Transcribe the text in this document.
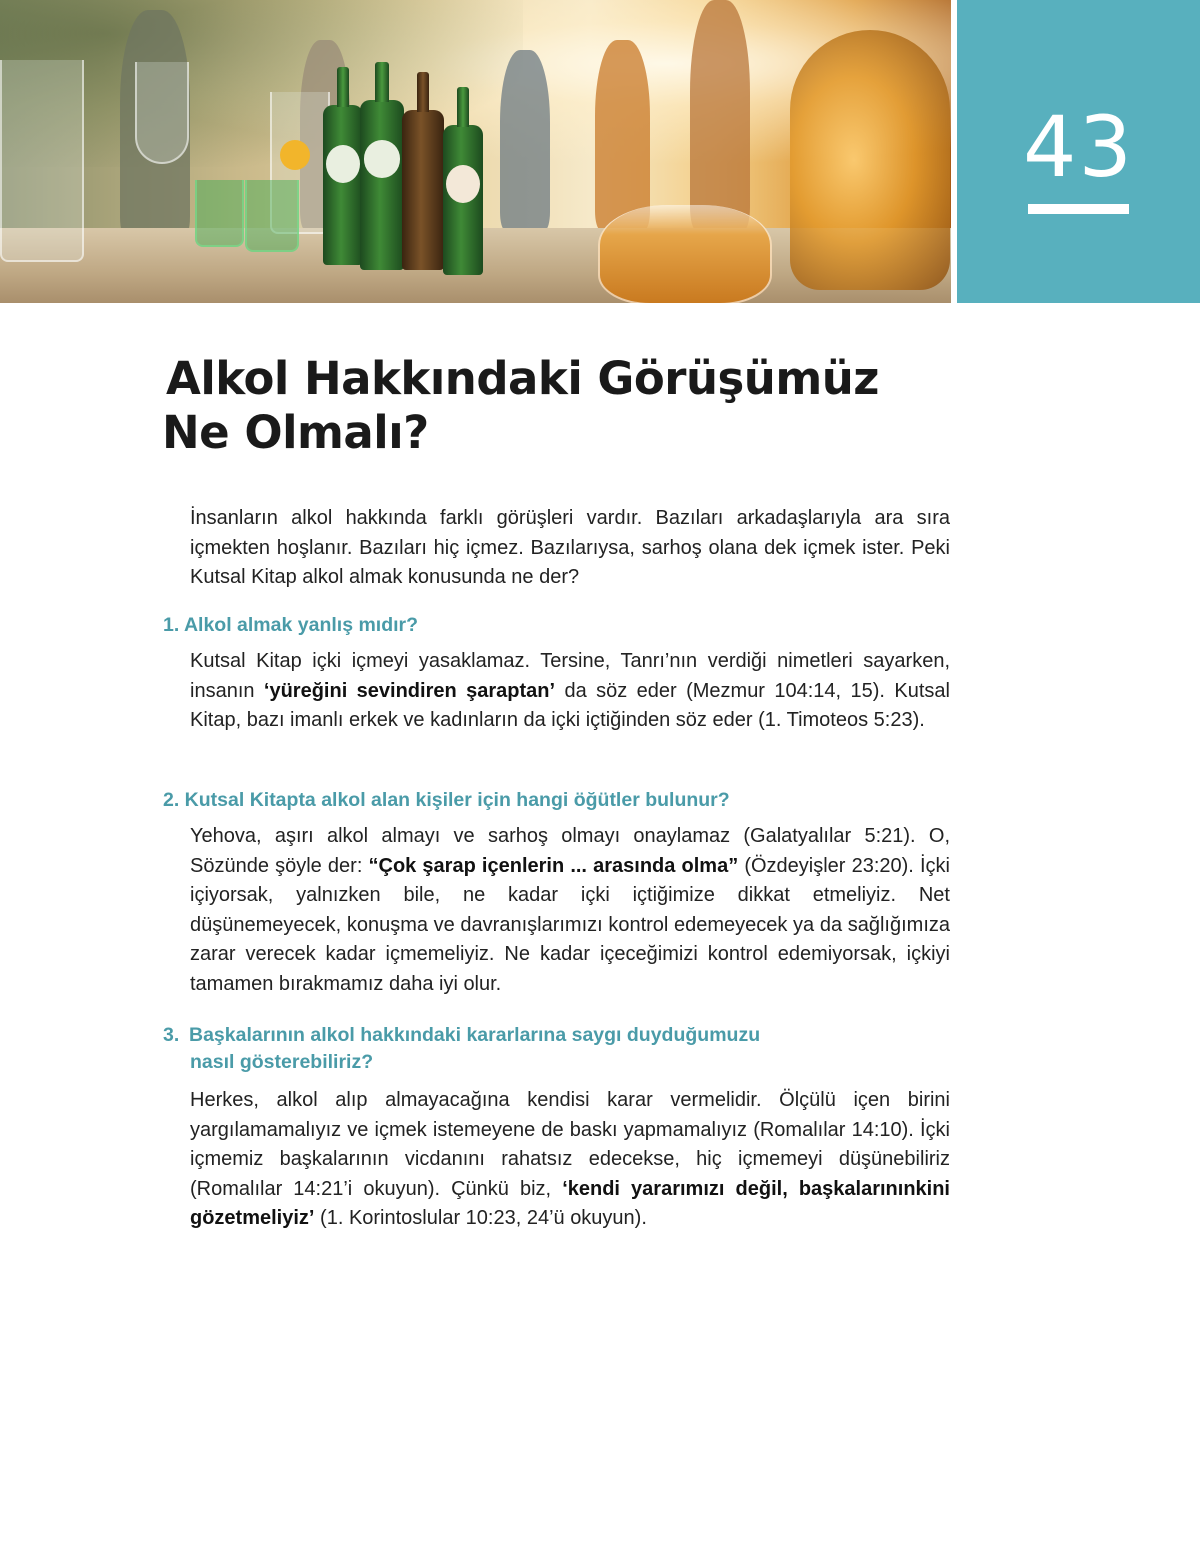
43
Alkol Hakkındaki Görüşümüz
Ne Olmalı?

İnsanların alkol hakkında farklı görüşleri vardır. Bazıları arkadaşlarıyla ara sıra içmekten hoşlanır. Bazıları hiç içmez. Bazılarıysa, sarhoş olana dek içmek ister. Peki Kutsal Kitap alkol almak konusunda ne der?

1. Alkol almak yanlış mıdır?

Kutsal Kitap içki içmeyi yasaklamaz. Tersine, Tanrı’nın verdiği nimetleri sayarken, insanın ‘yüreğini sevindiren şaraptan’ da söz eder (Mezmur 104:14, 15). Kutsal Kitap, bazı imanlı erkek ve kadınların da içki içtiğinden söz eder (1. Timoteos 5:23).

2. Kutsal Kitapta alkol alan kişiler için hangi öğütler bulunur?

Yehova, aşırı alkol almayı ve sarhoş olmayı onaylamaz (Galatyalılar 5:21). O, Sözünde şöyle der: “Çok şarap içenlerin ... arasında olma” (Özdeyişler 23:20). İçki içiyorsak, yalnızken bile, ne kadar içki içtiğimize dikkat etmeliyiz. Net düşünemeyecek, konuşma ve davranışlarımızı kontrol edemeyecek ya da sağlığımıza zarar verecek kadar içmemeliyiz. Ne kadar içeceğimizi kontrol edemiyorsak, içkiyi tamamen bırakmamız daha iyi olur.

3. Başkalarının alkol hakkındaki kararlarına saygı duyduğumuzu
nasıl gösterebiliriz?

Herkes, alkol alıp almayacağına kendisi karar vermelidir. Ölçülü içen birini yargılamamalıyız ve içmek istemeyene de baskı yapmamalıyız (Romalılar 14:10). İçki içmemiz başkalarının vicdanını rahatsız edecekse, hiç içmemeyi düşünebiliriz (Romalılar 14:21’i okuyun). Çünkü biz, ‘kendi yararımızı değil, başkalarınınkini gözetmeliyiz’ (1. Korintoslular 10:23, 24’ü okuyun).
